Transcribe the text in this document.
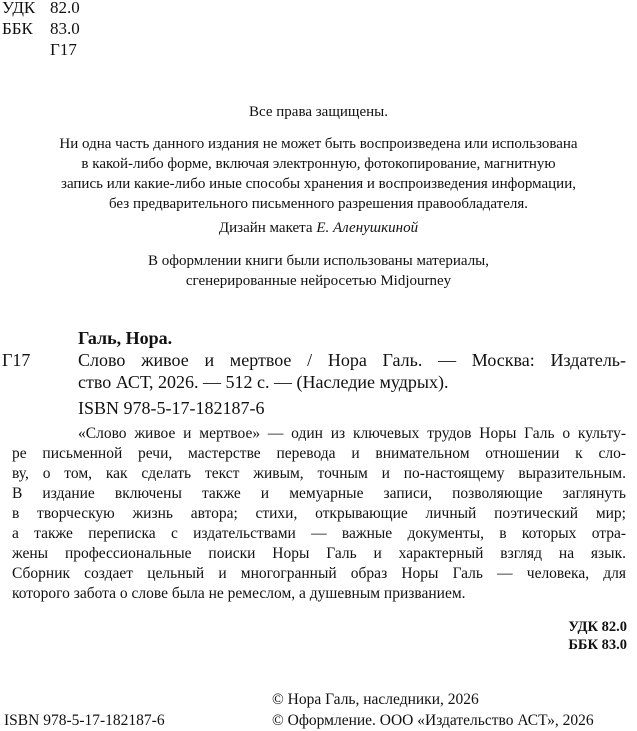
УДК 82.0
ББК 83.0
Г17
Все права защищены.
Ни одна часть данного издания не может быть воспроизведена или использована
в какой-либо форме, включая электронную, фотокопирование, магнитную
запись или какие-либо иные способы хранения и воспроизведения информации,
без предварительного письменного разрешения правообладателя.
Дизайн макета Е. Аленушкиной
В оформлении книги были использованы материалы,
сгенерированные нейросетью Midjourney
Галь, Нора.
Г17	Слово живое и мертвое / Нора Галь. — Москва: Издатель-
ство АСТ, 2026. — 512 с. — (Наследие мудрых).
ISBN 978-5-17-182187-6
«Слово живое и мертвое» — один из ключевых трудов Норы Галь о культу-
ре письменной речи, мастерстве перевода и внимательном отношении к сло-
ву, о том, как сделать текст живым, точным и по-настоящему выразительным.
В издание включены также и мемуарные записи, позволяющие заглянуть
в творческую жизнь автора; стихи, открывающие личный поэтический мир;
а также переписка с издательствами — важные документы, в которых отра-
жены профессиональные поиски Норы Галь и характерный взгляд на язык.
Сборник создает цельный и многогранный образ Норы Галь — человека, для
которого забота о слове была не ремеслом, а душевным призванием.
УДК 82.0
ББК 83.0
© Нора Галь, наследники, 2026
ISBN 978-5-17-182187-6	© Оформление. ООО «Издательство АСТ», 2026
